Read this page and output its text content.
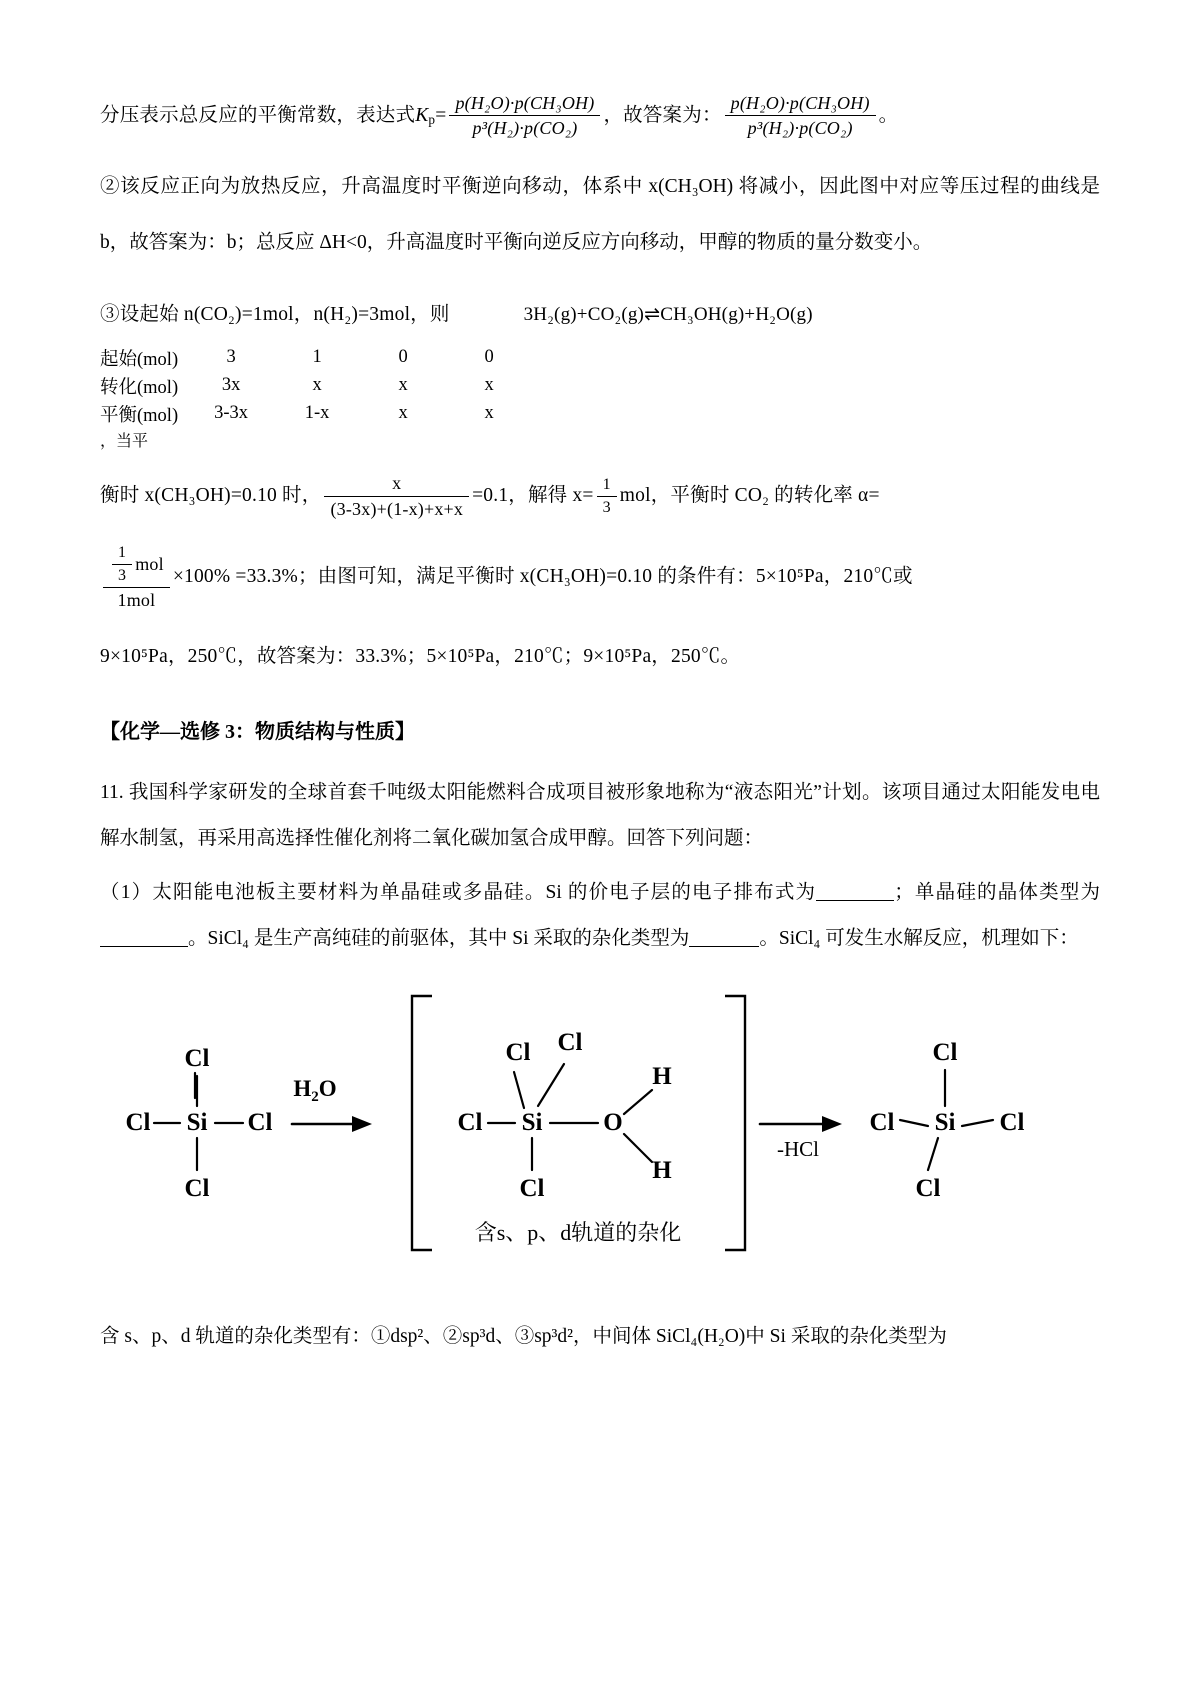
分压表示总反应的平衡常数，表达式$Kp= \frac{\text{p(H₂O)·p(CH₃OH)}}{\text{p³(H₂)·p(CO₂)}}$ ，故答案为： $\frac{\text{p(H₂O)·p(CH₃OH)}}{\text{p³(H₂)·p(CO₂)}}$ 。

②该反应正向为放热反应，升高温度时平衡逆向移动，体系中 x(CH₃OH) 将减小，因此图中对应等压过程的曲线是 b，故答案为：b；总反应 ΔH<0，升高温度时平衡向逆反应方向移动，甲醇的物质的量分数变小。

③设起始 n(CO₂)=1mol，n(H₂)=3mol，则	3H₂(g)+CO₂(g)⇌CH₃OH(g)+H₂O(g)

起始(mol)	3	1	0	0
转化(mol)	3x	x	x	x
平衡(mol)	3-3x	1-x	x	x
，当平

衡时 x(CH₃OH)=0.10 时， $\frac{x}{(3-3x)+(1-x)+x+x} =0.1$，解得 $x= \frac{1}{3}$ mol，平衡时 CO₂ 的转化率 α=

$\frac{\frac{1}{3} mol}{\text{1mol}} \times 100\% =33.3\%$；由图可知，满足平衡时 x(CH₃OH)=0.10 的条件有：5×10⁵Pa，210℃或

9×10⁵Pa，250℃，故答案为：33.3%；5×10⁵Pa，210℃；9×10⁵Pa，250℃。

【化学—选修 3：物质结构与性质】

11. 我国科学家研发的全球首套千吨级太阳能燃料合成项目被形象地称为“液态阳光”计划。该项目通过太阳能发电电解水制氢，再采用高选择性催化剂将二氧化碳加氢合成甲醇。回答下列问题：

（1）太阳能电池板主要材料为单晶硅或多晶硅。Si 的价电子层的电子排布式为	；单晶硅的晶体类型为。SiCl₄ 是生产高纯硅的前驱体，其中 Si 采取的杂化类型为	。SiCl₄ 可发生水解反应，机理如下：

Cl
Si
Cl	Cl
Cl
$H_2O$
Cl Cl
Si
Cl
Cl
O
H
H
含s、p、d轨道的杂化
-HCl
Cl
Si
Cl	Cl
Cl

含 s、p、d 轨道的杂化类型有：①dsp²、②sp³d、③sp³d²，中间体 SiCl₄(H₂O)中 Si 采取的杂化类型为
